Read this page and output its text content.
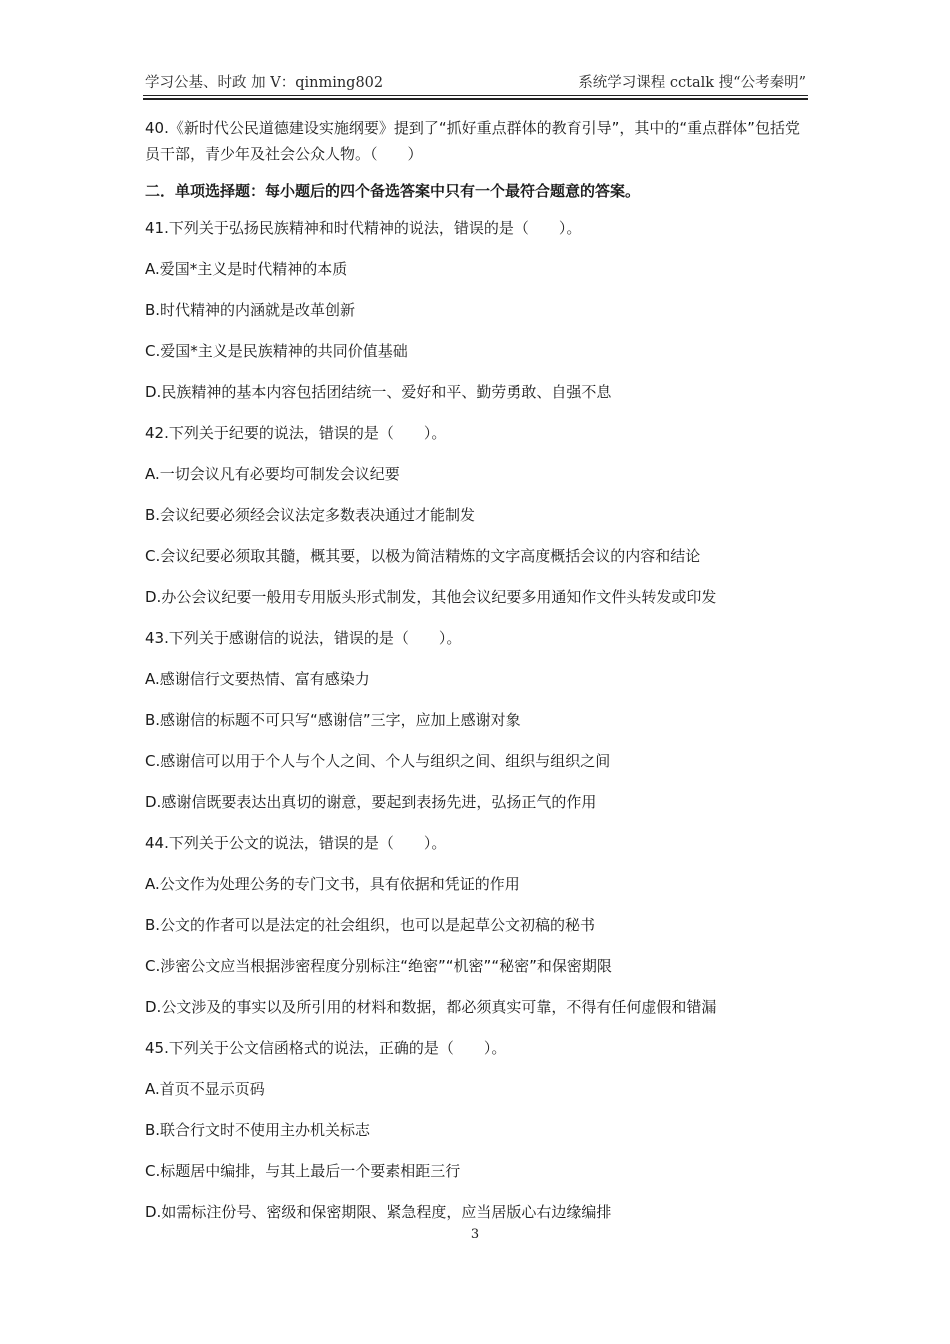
学习公基、时政 加 V：qinming802	系统学习课程 cctalk 搜“公考秦明”
40.《新时代公民道德建设实施纲要》提到了“抓好重点群体的教育引导”，其中的“重点群体”包括党员干部，青少年及社会公众人物。（　　）
二．单项选择题：每小题后的四个备选答案中只有一个最符合题意的答案。
41.下列关于弘扬民族精神和时代精神的说法，错误的是（　　）。
A.爱国*主义是时代精神的本质
B.时代精神的内涵就是改革创新
C.爱国*主义是民族精神的共同价值基础
D.民族精神的基本内容包括团结统一、爱好和平、勤劳勇敢、自强不息
42.下列关于纪要的说法，错误的是（　　）。
A.一切会议凡有必要均可制发会议纪要
B.会议纪要必须经会议法定多数表决通过才能制发
C.会议纪要必须取其髓，概其要，以极为简洁精炼的文字高度概括会议的内容和结论
D.办公会议纪要一般用专用版头形式制发，其他会议纪要多用通知作文件头转发或印发
43.下列关于感谢信的说法，错误的是（　　）。
A.感谢信行文要热情、富有感染力
B.感谢信的标题不可只写“感谢信”三字，应加上感谢对象
C.感谢信可以用于个人与个人之间、个人与组织之间、组织与组织之间
D.感谢信既要表达出真切的谢意，要起到表扬先进，弘扬正气的作用
44.下列关于公文的说法，错误的是（　　）。
A.公文作为处理公务的专门文书，具有依据和凭证的作用
B.公文的作者可以是法定的社会组织，也可以是起草公文初稿的秘书
C.涉密公文应当根据涉密程度分别标注“绝密”“机密”“秘密”和保密期限
D.公文涉及的事实以及所引用的材料和数据，都必须真实可靠，不得有任何虚假和错漏
45.下列关于公文信函格式的说法，正确的是（　　）。
A.首页不显示页码
B.联合行文时不使用主办机关标志
C.标题居中编排，与其上最后一个要素相距三行
D.如需标注份号、密级和保密期限、紧急程度，应当居版心右边缘编排
3
